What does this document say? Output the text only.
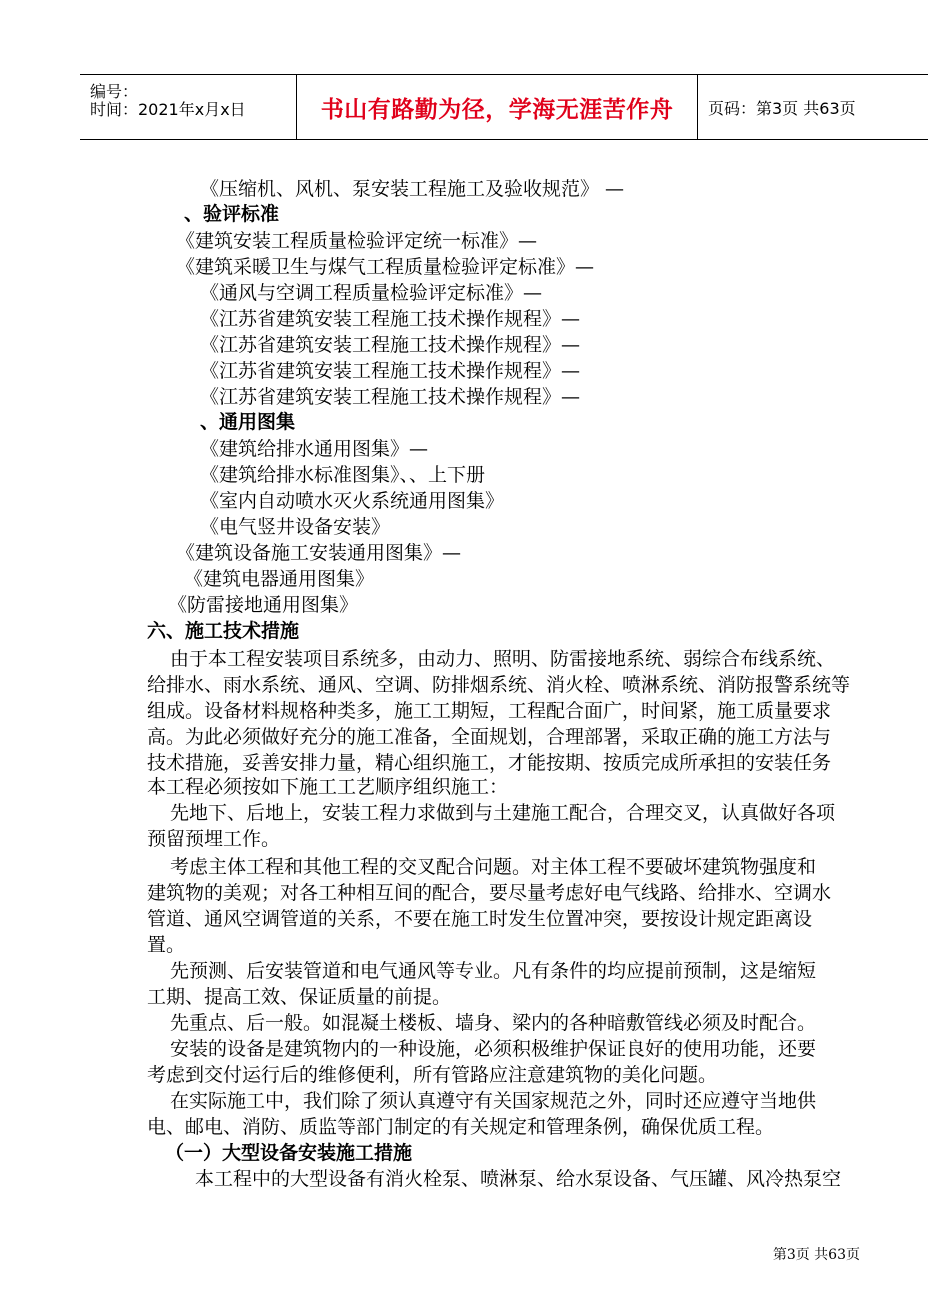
编号：
时间：2021年x月x日	书山有路勤为径，学海无涯苦作舟 页码：第3页 共63页
《压缩机、风机、泵安装工程施工及验收规范》 —
、验评标准
《建筑安装工程质量检验评定统一标准》—
《建筑采暖卫生与煤气工程质量检验评定标准》—
《通风与空调工程质量检验评定标准》—
《江苏省建筑安装工程施工技术操作规程》—
《江苏省建筑安装工程施工技术操作规程》—
《江苏省建筑安装工程施工技术操作规程》—
《江苏省建筑安装工程施工技术操作规程》—
、通用图集
《建筑给排水通用图集》—
《建筑给排水标准图集》、、上下册
《室内自动喷水灭火系统通用图集》
《电气竖井设备安装》
《建筑设备施工安装通用图集》—
《建筑电器通用图集》
《防雷接地通用图集》
六、施工技术措施
由于本工程安装项目系统多，由动力、照明、防雷接地系统、弱综合布线系统、
给排水、雨水系统、通风、空调、防排烟系统、消火栓、喷淋系统、消防报警系统等
组成。设备材料规格种类多，施工工期短，工程配合面广，时间紧，施工质量要求
高。为此必须做好充分的施工准备，全面规划，合理部署，采取正确的施工方法与
技术措施，妥善安排力量，精心组织施工，才能按期、按质完成所承担的安装任务
本工程必须按如下施工工艺顺序组织施工：
先地下、后地上，安装工程力求做到与土建施工配合，合理交叉，认真做好各项
预留预埋工作。
考虑主体工程和其他工程的交叉配合问题。对主体工程不要破坏建筑物强度和
建筑物的美观；对各工种相互间的配合，要尽量考虑好电气线路、给排水、空调水
管道、通风空调管道的关系，不要在施工时发生位置冲突，要按设计规定距离设
置。
先预测、后安装管道和电气通风等专业。凡有条件的均应提前预制，这是缩短
工期、提高工效、保证质量的前提。
先重点、后一般。如混凝土楼板、墙身、梁内的各种暗敷管线必须及时配合。
安装的设备是建筑物内的一种设施，必须积极维护保证良好的使用功能，还要
考虑到交付运行后的维修便利，所有管路应注意建筑物的美化问题。
在实际施工中，我们除了须认真遵守有关国家规范之外，同时还应遵守当地供
电、邮电、消防、质监等部门制定的有关规定和管理条例，确保优质工程。
（一）大型设备安装施工措施
本工程中的大型设备有消火栓泵、喷淋泵、给水泵设备、气压罐、风冷热泵空
第3页 共63页
